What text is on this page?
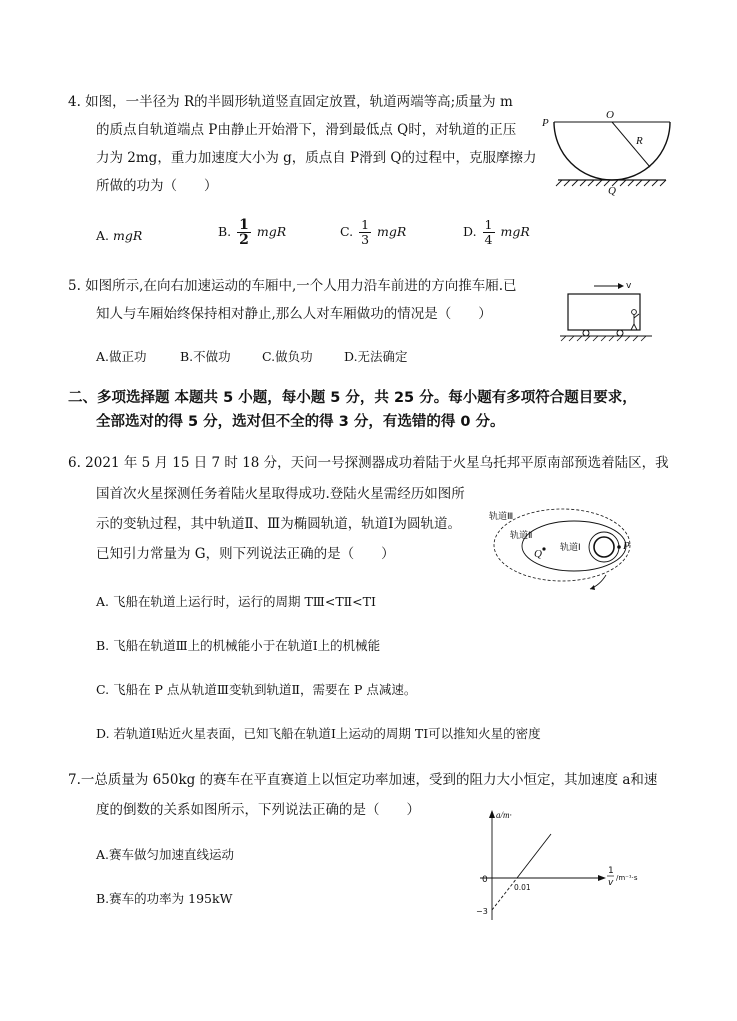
4. 如图，一半径为 R的半圆形轨道竖直固定放置，轨道两端等高;质量为 m
的质点自轨道端点 P由静止开始滑下，滑到最低点 Q时，对轨道的正压
力为 2mg，重力加速度大小为 g，质点自 P滑到 Q的过程中，克服摩擦力
所做的功为（　　）
A. mgR	B. $\frac{1}{2}$ mgR	C. $\frac{1}{3}$ mgR	D. $\frac{1}{4}$ mgR
P
O
R
Q
5. 如图所示,在向右加速运动的车厢中,一个人用力沿车前进的方向推车厢.已
知人与车厢始终保持相对静止,那么人对车厢做功的情况是（　　）
A.做正功	B.不做功	C.做负功	D.无法确定
v
二、多项选择题 本题共 5 小题，每小题 5 分，共 25 分。每小题有多项符合题目要求，
全部选对的得 5 分，选对但不全的得 3 分，有选错的得 0 分。
6. 2021 年 5 月 15 日 7 时 18 分，天问一号探测器成功着陆于火星乌托邦平原南部预选着陆区，我
国首次火星探测任务着陆火星取得成功.登陆火星需经历如图所
示的变轨过程，其中轨道Ⅱ、Ⅲ为椭圆轨道，轨道Ⅰ为圆轨道。
已知引力常量为 G，则下列说法正确的是（　　）
A. 飞船在轨道上运行时，运行的周期 TⅢ<TⅡ<TⅠ
B. 飞船在轨道Ⅲ上的机械能小于在轨道Ⅰ上的机械能
C. 飞船在 P 点从轨道Ⅲ变轨到轨道Ⅱ，需要在 P 点减速。
D. 若轨道Ⅰ贴近火星表面，已知飞船在轨道Ⅰ上运动的周期 TⅠ可以推知火星的密度
轨道Ⅲ
轨道Ⅱ
轨道Ⅰ
Q
P
7.一总质量为 650kg 的赛车在平直赛道上以恒定功率加速，受到的阻力大小恒定，其加速度 a和速
度的倒数的关系如图所示，下列说法正确的是（　　）
A.赛车做匀加速直线运动
B.赛车的功率为 195kW
a/m·
1
v /m⁻¹·s
0
0.01
−3
